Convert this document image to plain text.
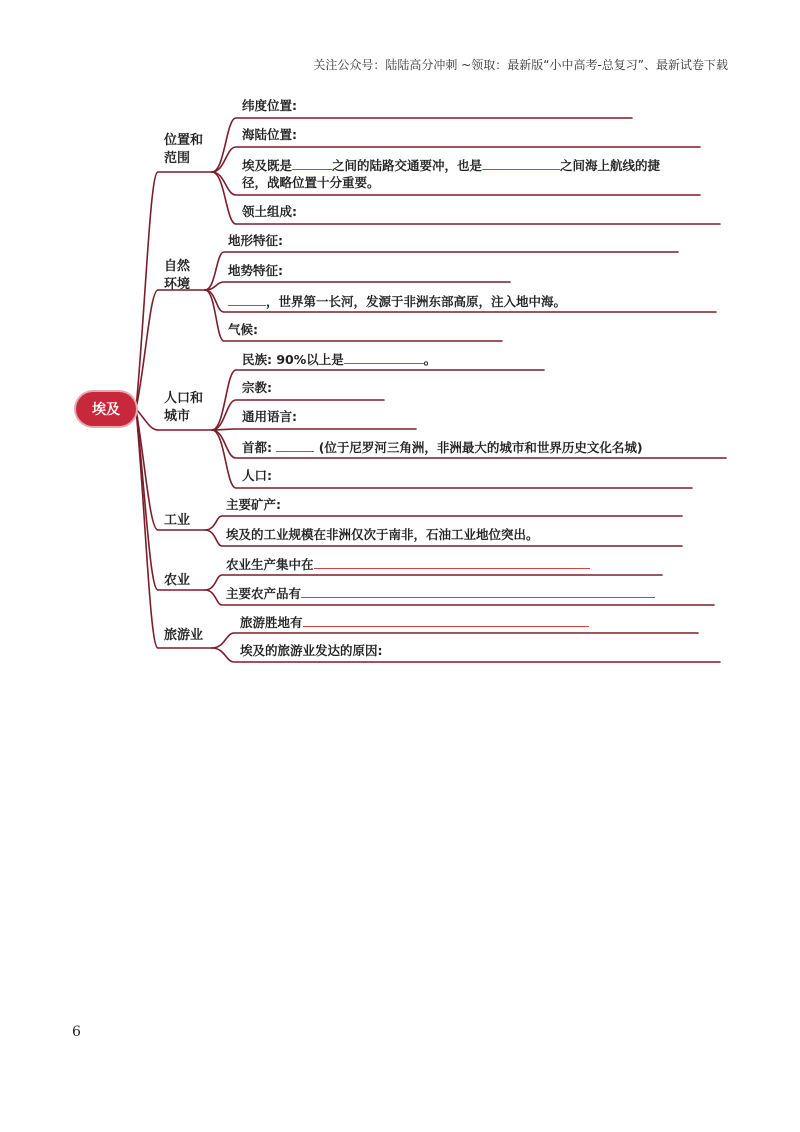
关注公众号：陆陆高分冲刺 ~领取：最新版“小中高考-总复习”、最新试卷下载
埃及
位置和
范围
自然
环境
人口和
城市
工业
农业
旅游业
纬度位置:
海陆位置:
埃及既是	之间的陆路交通要冲，也是	之间海上航线的捷
径，战略位置十分重要。
领土组成:
地形特征:
地势特征:
，世界第一长河，发源于非洲东部高原，注入地中海。
气候:
民族: 90%以上是	。
宗教:
通用语言:
首都:	(位于尼罗河三角洲，非洲最大的城市和世界历史文化名城)
人口:
主要矿产:
埃及的工业规模在非洲仅次于南非，石油工业地位突出。
农业生产集中在
主要农产品有
旅游胜地有
埃及的旅游业发达的原因:
6
